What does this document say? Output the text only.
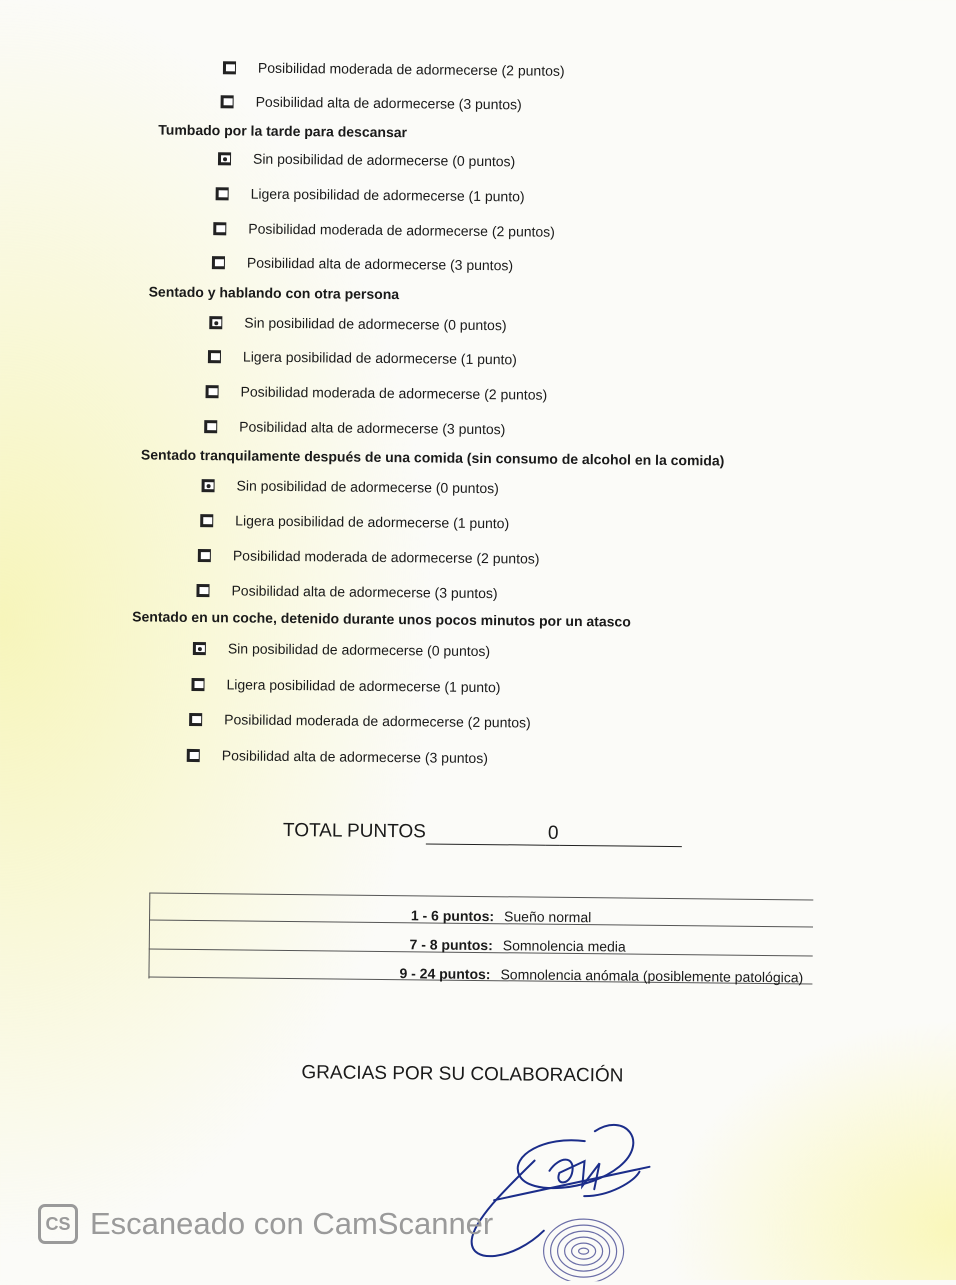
Posibilidad moderada de adormecerse (2 puntos)
Posibilidad alta de adormecerse (3 puntos)
Tumbado por la tarde para descansar
Sin posibilidad de adormecerse (0 puntos)
Ligera posibilidad de adormecerse (1 punto)
Posibilidad moderada de adormecerse (2 puntos)
Posibilidad alta de adormecerse (3 puntos)
Sentado y hablando con otra persona
Sin posibilidad de adormecerse (0 puntos)
Ligera posibilidad de adormecerse (1 punto)
Posibilidad moderada de adormecerse (2 puntos)
Posibilidad alta de adormecerse (3 puntos)
Sentado tranquilamente después de una comida (sin consumo de alcohol en la comida)
Sin posibilidad de adormecerse (0 puntos)
Ligera posibilidad de adormecerse (1 punto)
Posibilidad moderada de adormecerse (2 puntos)
Posibilidad alta de adormecerse (3 puntos)
Sentado en un coche, detenido durante unos pocos minutos por un atasco
Sin posibilidad de adormecerse (0 puntos)
Ligera posibilidad de adormecerse (1 punto)
Posibilidad moderada de adormecerse (2 puntos)
Posibilidad alta de adormecerse (3 puntos)
TOTAL PUNTOS	0
1 - 6 puntos: Sueño normal
7 - 8 puntos: Somnolencia media
9 - 24 puntos: Somnolencia anómala (posiblemente patológica)
GRACIAS POR SU COLABORACIÓN
CS Escaneado con CamScanner
